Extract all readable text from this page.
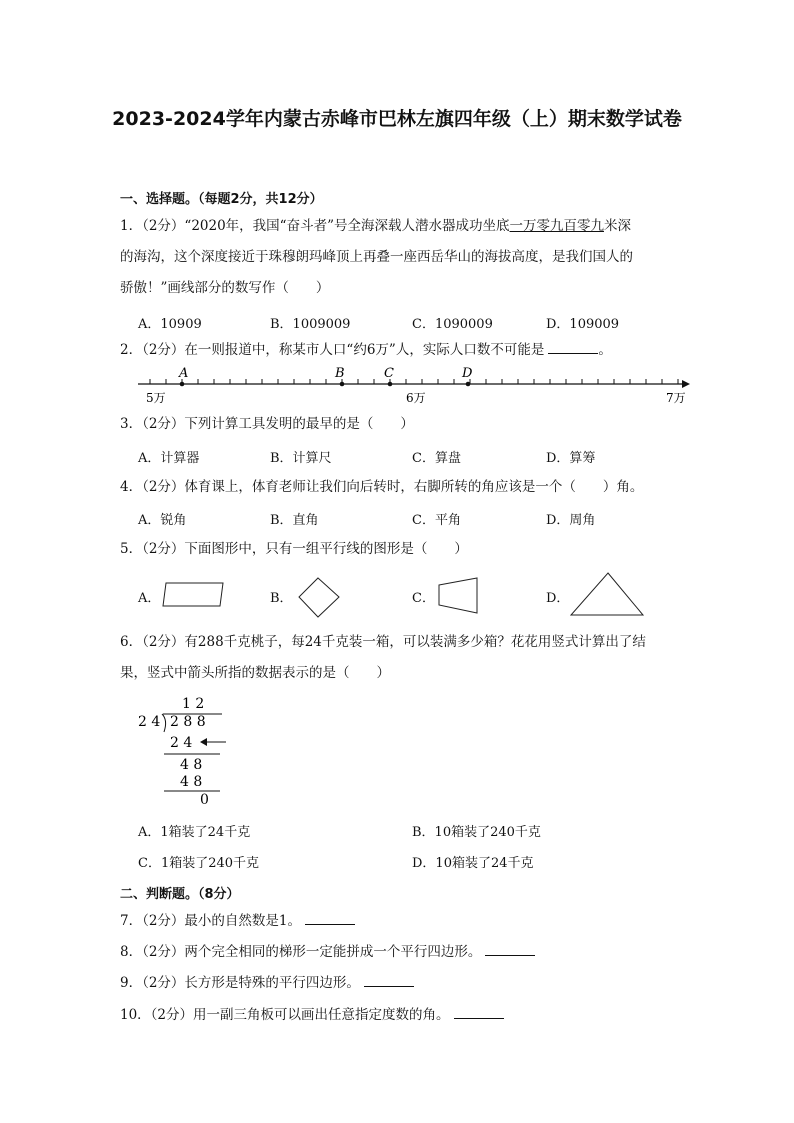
2023-2024学年内蒙古赤峰市巴林左旗四年级（上）期末数学试卷
一、选择题。（每题2分，共12分）
1．（2分）“2020年，我国“奋斗者”号全海深载人潜水器成功坐底一万零九百零九米深
的海沟，这个深度接近于珠穆朗玛峰顶上再叠一座西岳华山的海拔高度，是我们国人的
骄傲！”画线部分的数写作（　　）
A．10909	B．1009009	C．1090009	D．109009
2．（2分）在一则报道中，称某市人口“约6万”人，实际人口数不可能是	。
A	B	C	D
5万	6万	7万
3．（2分）下列计算工具发明的最早的是（　　）
A．计算器	B．计算尺	C．算盘	D．算筹
4．（2分）体育课上，体育老师让我们向后转时，右脚所转的角应该是一个（　　）角。
A．锐角	B．直角	C．平角	D．周角
5．（2分）下面图形中，只有一组平行线的图形是（　　）
A．	B．	C．	D．
6．（2分）有288千克桃子，每24千克装一箱，可以装满多少箱？花花用竖式计算出了结
果，竖式中箭头所指的数据表示的是（　　）
1 2
2 4 2 8 8
2 4
4 8
4 8
0
A．1箱装了24千克	B．10箱装了240千克
C．1箱装了240千克	D．10箱装了24千克
二、判断题。（8分）
7．（2分）最小的自然数是1。
8．（2分）两个完全相同的梯形一定能拼成一个平行四边形。
9．（2分）长方形是特殊的平行四边形。
10．（2分）用一副三角板可以画出任意指定度数的角。
